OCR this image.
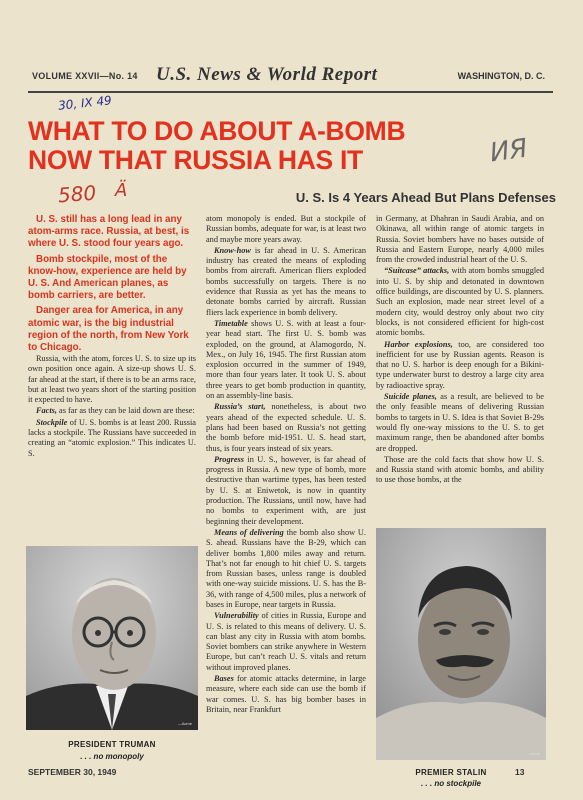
VOLUME XXVII—No. 14 U.S. News & World Report	WASHINGTON, D. C.
30, IX 49
ИЯ
580 Ä
WHAT TO DO ABOUT A-BOMB
NOW THAT RUSSIA HAS IT
U. S. Is 4 Years Ahead But Plans Defenses

U. S. still has a long lead in any atom-arms race. Russia, at best, is where U. S. stood four years ago.

Bomb stockpile, most of the know-how, experience are held by U. S. And American planes, as bomb carriers, are better.

Danger area for America, in any atomic war, is the big industrial region of the north, from New York to Chicago.

Russia, with the atom, forces U. S. to size up its own position once again. A size-up shows U. S. far ahead at the start, if there is to be an arms race, but at least two years short of the starting position it expected to have.

Facts, as far as they can be laid down are these:

Stockpile of U. S. bombs is at least 200. Russia lacks a stockpile. The Russians have succeeded in creating an “atomic explosion.” This indicates U. S.

—Acme
PRESIDENT TRUMAN
. . . no monopoly

atom monopoly is ended. But a stockpile of Russian bombs, adequate for war, is at least two and maybe more years away.

Know-how is far ahead in U. S. American industry has created the means of exploding bombs from aircraft. American fliers exploded bombs successfully on targets. There is no evidence that Russia as yet has the means to detonate bombs carried by aircraft. Russian fliers lack experience in bomb delivery.

Timetable shows U. S. with at least a four-year head start. The first U. S. bomb was exploded, on the ground, at Alamogordo, N. Mex., on July 16, 1945. The first Russian atom explosion occurred in the summer of 1949, more than four years later. It took U. S. about three years to get bomb production in quantity, on an assembly-line basis.

Russia’s start, nonetheless, is about two years ahead of the expected schedule. U. S. plans had been based on Russia’s not getting the bomb before mid-1951. U. S. head start, thus, is four years instead of six years.

Progress in U. S., however, is far ahead of progress in Russia. A new type of bomb, more destructive than wartime types, has been tested by U. S. at Eniwetok, is now in quantity production. The Russians, until now, have had no bombs to experiment with, are just beginning their development.

Means of delivering the bomb also show U. S. ahead. Russians have the B-29, which can deliver bombs 1,800 miles away and return. That’s not far enough to hit chief U. S. targets from Russian bases, unless range is doubled with one-way suicide missions. U. S. has the B-36, with range of 4,500 miles, plus a network of bases in Europe, near targets in Russia.

Vulnerability of cities in Russia, Europe and U. S. is related to this means of delivery. U. S. can blast any city in Russia with atom bombs. Soviet bombers can strike anywhere in Western Europe, but can’t reach U. S. vitals and return without improved planes.

Bases for atomic attacks determine, in large measure, where each side can use the bomb if war comes. U. S. has big bomber bases in Britain, near Frankfurt

in Germany, at Dhahran in Saudi Arabia, and on Okinawa, all within range of atomic targets in Russia. Soviet bombers have no bases outside of Russia and Eastern Europe, nearly 4,000 miles from the crowded industrial heart of the U. S.

“Suitcase” attacks, with atom bombs smuggled into U. S. by ship and detonated in downtown office buildings, are discounted by U. S. planners. Such an explosion, made near street level of a modern city, would destroy only about two city blocks, is not considered efficient for high-cost atomic bombs.

Harbor explosions, too, are considered too inefficient for use by Russian agents. Reason is that no U. S. harbor is deep enough for a Bikini-type underwater burst to destroy a large city area by radioactive spray.

Suicide planes, as a result, are believed to be the only feasible means of delivering Russian bombs to targets in U. S. Idea is that Soviet B-29s would fly one-way missions to the U. S. to get maximum range, then be abandoned after bombs are dropped.

Those are the cold facts that show how U. S. and Russia stand with atomic bombs, and ability to use those bombs, at the

—Acme
PREMIER STALIN
. . . no stockpile
SEPTEMBER 30, 1949	13
